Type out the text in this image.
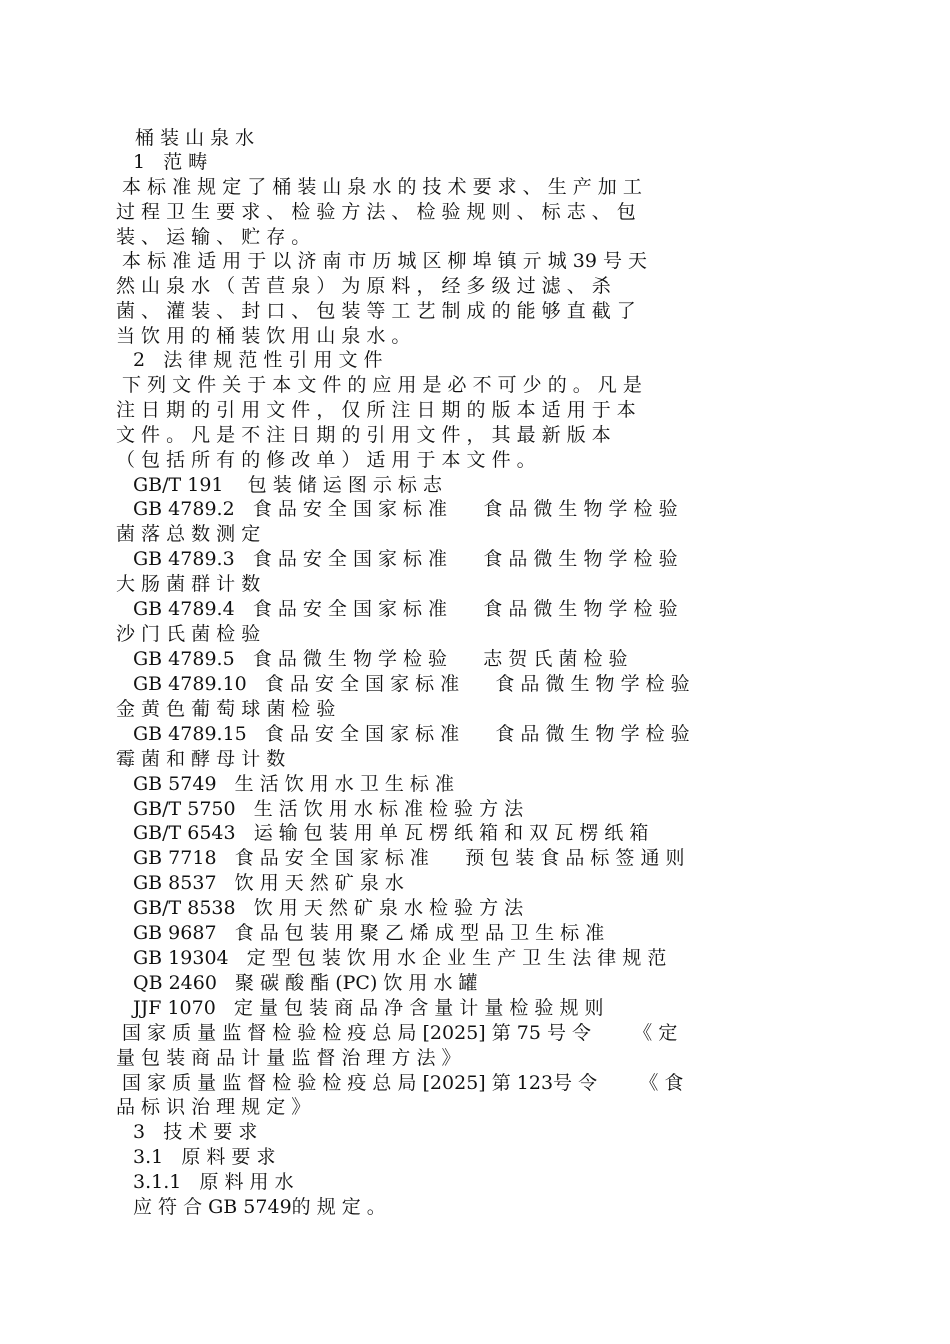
桶 装 山 泉 水
1   范 畴
本 标 准 规 定 了 桶 装 山 泉 水 的 技 术 要 求 、 生 产 加 工
过 程 卫 生 要 求 、 检 验 方 法 、 检 验 规 则 、 标 志 、 包
装 、 运 输 、 贮 存 。
本 标 准 适 用 于 以 济 南 市 历 城 区 柳 埠 镇 亓 城 39 号 天
然 山 泉 水 （ 苦 苣 泉 ） 为 原 料 ， 经 多 级 过 滤 、 杀
菌 、 灌 装 、 封 口 、 包 装 等 工 艺 制 成 的 能 够 直 截 了
当 饮 用 的 桶 装 饮 用 山 泉 水 。
2   法 律 规 范 性 引 用 文 件
下 列 文 件 关 于 本 文 件 的 应 用 是 必 不 可 少 的 。 凡 是
注 日 期 的 引 用 文 件 ， 仅 所 注 日 期 的 版 本 适 用 于 本
文 件 。 凡 是 不 注 日 期 的 引 用 文 件 ， 其 最 新 版 本
（ 包 括 所 有 的 修 改 单 ） 适 用 于 本 文 件 。
GB/T 191    包 装 储 运 图 示 标 志
GB 4789.2   食 品 安 全 国 家 标 准      食 品 微 生 物 学 检 验
菌 落 总 数 测 定
GB 4789.3   食 品 安 全 国 家 标 准      食 品 微 生 物 学 检 验
大 肠 菌 群 计 数
GB 4789.4   食 品 安 全 国 家 标 准      食 品 微 生 物 学 检 验
沙 门 氏 菌 检 验
GB 4789.5   食 品 微 生 物 学 检 验      志 贺 氏 菌 检 验
GB 4789.10   食 品 安 全 国 家 标 准      食 品 微 生 物 学 检 验
金 黄 色 葡 萄 球 菌 检 验
GB 4789.15   食 品 安 全 国 家 标 准      食 品 微 生 物 学 检 验
霉 菌 和 酵 母 计 数
GB 5749   生 活 饮 用 水 卫 生 标 准
GB/T 5750   生 活 饮 用 水 标 准 检 验 方 法
GB/T 6543   运 输 包 装 用 单 瓦 楞 纸 箱 和 双 瓦 楞 纸 箱
GB 7718   食 品 安 全 国 家 标 准      预 包 装 食 品 标 签 通 则
GB 8537   饮 用 天 然 矿 泉 水
GB/T 8538   饮 用 天 然 矿 泉 水 检 验 方 法
GB 9687   食 品 包 装 用 聚 乙 烯 成 型 品 卫 生 标 准
GB 19304   定 型 包 装 饮 用 水 企 业 生 产 卫 生 法 律 规 范
QB 2460   聚 碳 酸 酯 (PC) 饮 用 水 罐
JJF 1070   定 量 包 装 商 品 净 含 量 计 量 检 验 规 则
国 家 质 量 监 督 检 验 检 疫 总 局 [2025] 第 75 号 令       《 定
量 包 装 商 品 计 量 监 督 治 理 方 法 》
国 家 质 量 监 督 检 验 检 疫 总 局 [2025] 第 123号 令       《 食
品 标 识 治 理 规 定 》
3   技 术 要 求
3.1   原 料 要 求
3.1.1   原 料 用 水
应 符 合 GB 5749的 规 定 。
